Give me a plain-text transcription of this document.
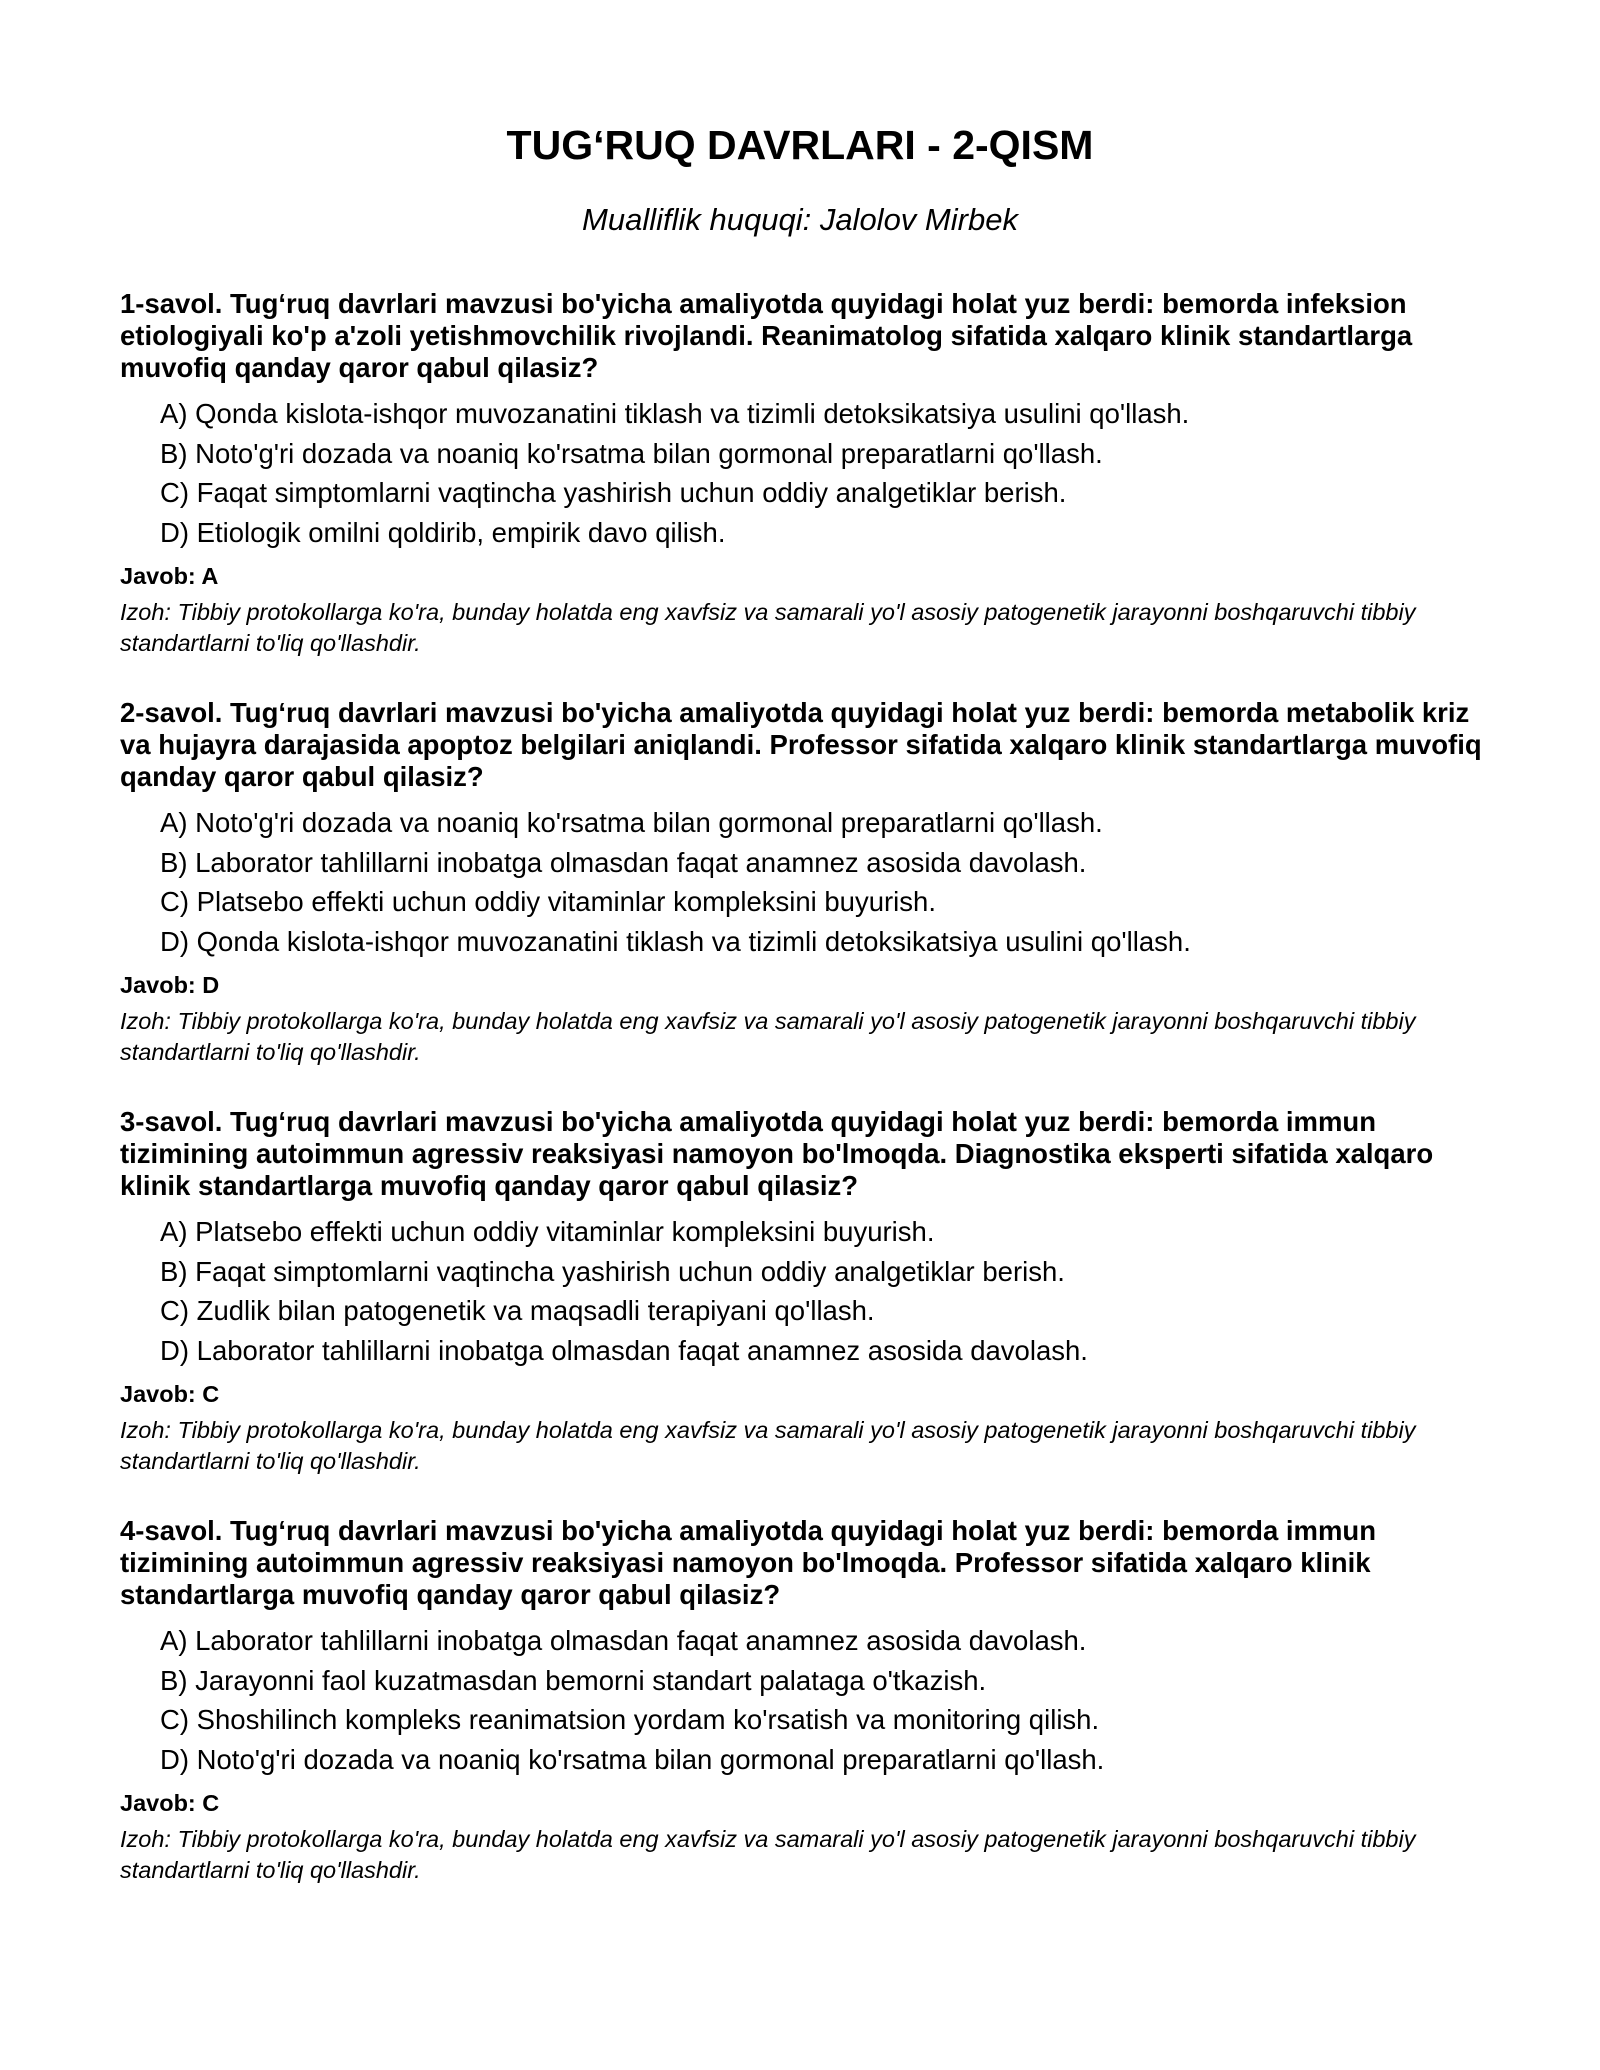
TUG‘RUQ DAVRLARI - 2-QISM

Mualliflik huquqi: Jalolov Mirbek

1-savol. Tug‘ruq davrlari mavzusi bo'yicha amaliyotda quyidagi holat yuz berdi: bemorda infeksion etiologiyali ko'p a'zoli yetishmovchilik rivojlandi. Reanimatolog sifatida xalqaro klinik standartlarga muvofiq qanday qaror qabul qilasiz?

A) Qonda kislota-ishqor muvozanatini tiklash va tizimli detoksikatsiya usulini qo'llash.
B) Noto'g'ri dozada va noaniq ko'rsatma bilan gormonal preparatlarni qo'llash.
C) Faqat simptomlarni vaqtincha yashirish uchun oddiy analgetiklar berish.
D) Etiologik omilni qoldirib, empirik davo qilish.

Javob: A

Izoh: Tibbiy protokollarga ko'ra, bunday holatda eng xavfsiz va samarali yo'l asosiy patogenetik jarayonni boshqaruvchi tibbiy standartlarni to'liq qo'llashdir.

2-savol. Tug‘ruq davrlari mavzusi bo'yicha amaliyotda quyidagi holat yuz berdi: bemorda metabolik kriz va hujayra darajasida apoptoz belgilari aniqlandi. Professor sifatida xalqaro klinik standartlarga muvofiq qanday qaror qabul qilasiz?

A) Noto'g'ri dozada va noaniq ko'rsatma bilan gormonal preparatlarni qo'llash.
B) Laborator tahlillarni inobatga olmasdan faqat anamnez asosida davolash.
C) Platsebo effekti uchun oddiy vitaminlar kompleksini buyurish.
D) Qonda kislota-ishqor muvozanatini tiklash va tizimli detoksikatsiya usulini qo'llash.

Javob: D

Izoh: Tibbiy protokollarga ko'ra, bunday holatda eng xavfsiz va samarali yo'l asosiy patogenetik jarayonni boshqaruvchi tibbiy standartlarni to'liq qo'llashdir.

3-savol. Tug‘ruq davrlari mavzusi bo'yicha amaliyotda quyidagi holat yuz berdi: bemorda immun tizimining autoimmun agressiv reaksiyasi namoyon bo'lmoqda. Diagnostika eksperti sifatida xalqaro klinik standartlarga muvofiq qanday qaror qabul qilasiz?

A) Platsebo effekti uchun oddiy vitaminlar kompleksini buyurish.
B) Faqat simptomlarni vaqtincha yashirish uchun oddiy analgetiklar berish.
C) Zudlik bilan patogenetik va maqsadli terapiyani qo'llash.
D) Laborator tahlillarni inobatga olmasdan faqat anamnez asosida davolash.

Javob: C

Izoh: Tibbiy protokollarga ko'ra, bunday holatda eng xavfsiz va samarali yo'l asosiy patogenetik jarayonni boshqaruvchi tibbiy standartlarni to'liq qo'llashdir.

4-savol. Tug‘ruq davrlari mavzusi bo'yicha amaliyotda quyidagi holat yuz berdi: bemorda immun tizimining autoimmun agressiv reaksiyasi namoyon bo'lmoqda. Professor sifatida xalqaro klinik standartlarga muvofiq qanday qaror qabul qilasiz?

A) Laborator tahlillarni inobatga olmasdan faqat anamnez asosida davolash.
B) Jarayonni faol kuzatmasdan bemorni standart palataga o'tkazish.
C) Shoshilinch kompleks reanimatsion yordam ko'rsatish va monitoring qilish.
D) Noto'g'ri dozada va noaniq ko'rsatma bilan gormonal preparatlarni qo'llash.

Javob: C

Izoh: Tibbiy protokollarga ko'ra, bunday holatda eng xavfsiz va samarali yo'l asosiy patogenetik jarayonni boshqaruvchi tibbiy standartlarni to'liq qo'llashdir.
